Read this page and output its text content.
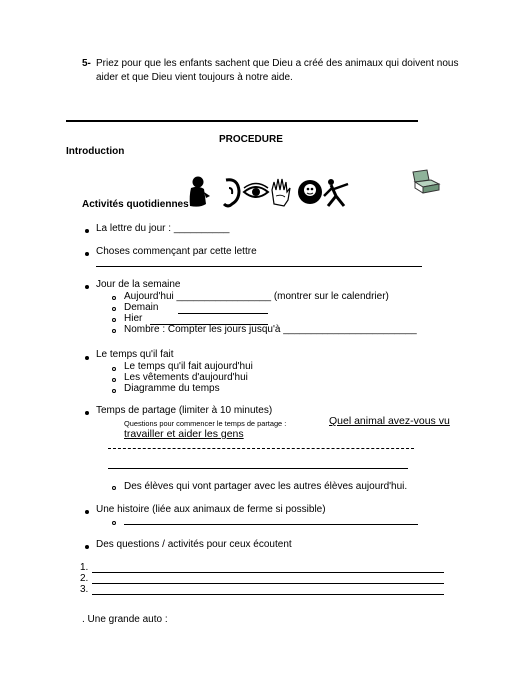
5- Priez pour que les enfants sachent que Dieu a créé des animaux qui doivent nous
aider et que Dieu vient toujours à notre aide.
PROCEDURE
Introduction
Activités quotidiennes
La lettre du jour : __________
Choses commençant par cette lettre
Jour de la semaine
Aujourd'hui _________________ (montrer sur le calendrier)
Demain
Hier
Nombre : Compter les jours jusqu'à ________________________
Le temps qu'il fait
Le temps qu'il fait aujourd'hui
Les vêtements d'aujourd'hui
Diagramme du temps
Temps de partage (limiter à 10 minutes)
Questions pour commencer le temps de partage :	Quel animal avez-vous vu
travailler et aider les gens
Des élèves qui vont partager avec les autres élèves aujourd'hui.
Une histoire (liée aux animaux de ferme si possible)
Des questions / activités pour ceux écoutent
1.
2.
3.
. Une grande auto :
